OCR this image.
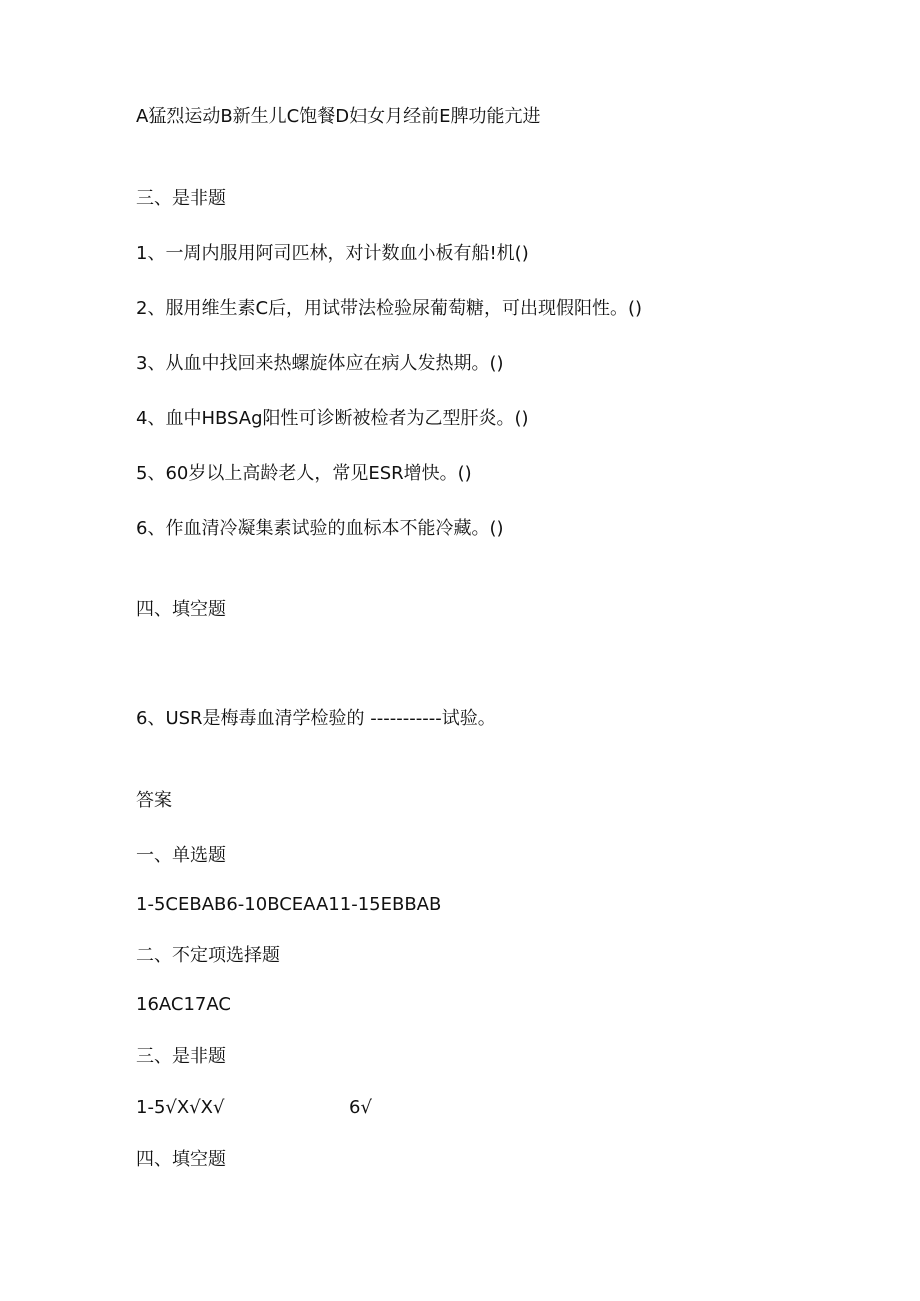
A猛烈运动B新生儿C饱餐D妇女月经前E脾功能亢进
三、是非题
1、一周内服用阿司匹林，对计数血小板有船!机()
2、服用维生素C后，用试带法检验尿葡萄糖，可出现假阳性。()
3、从血中找回来热螺旋体应在病人发热期。()
4、血中HBSAg阳性可诊断被检者为乙型肝炎。()
5、60岁以上高龄老人，常见ESR增快。()
6、作血清冷凝集素试验的血标本不能冷藏。()
四、填空题
6、USR是梅毒血清学检验的 -----------试验。
答案
一、单选题
1-5CEBAB6-10BCEAA11-15EBBAB
二、不定项选择题
16AC17AC
三、是非题
1-5√X√X√	6√
四、填空题
